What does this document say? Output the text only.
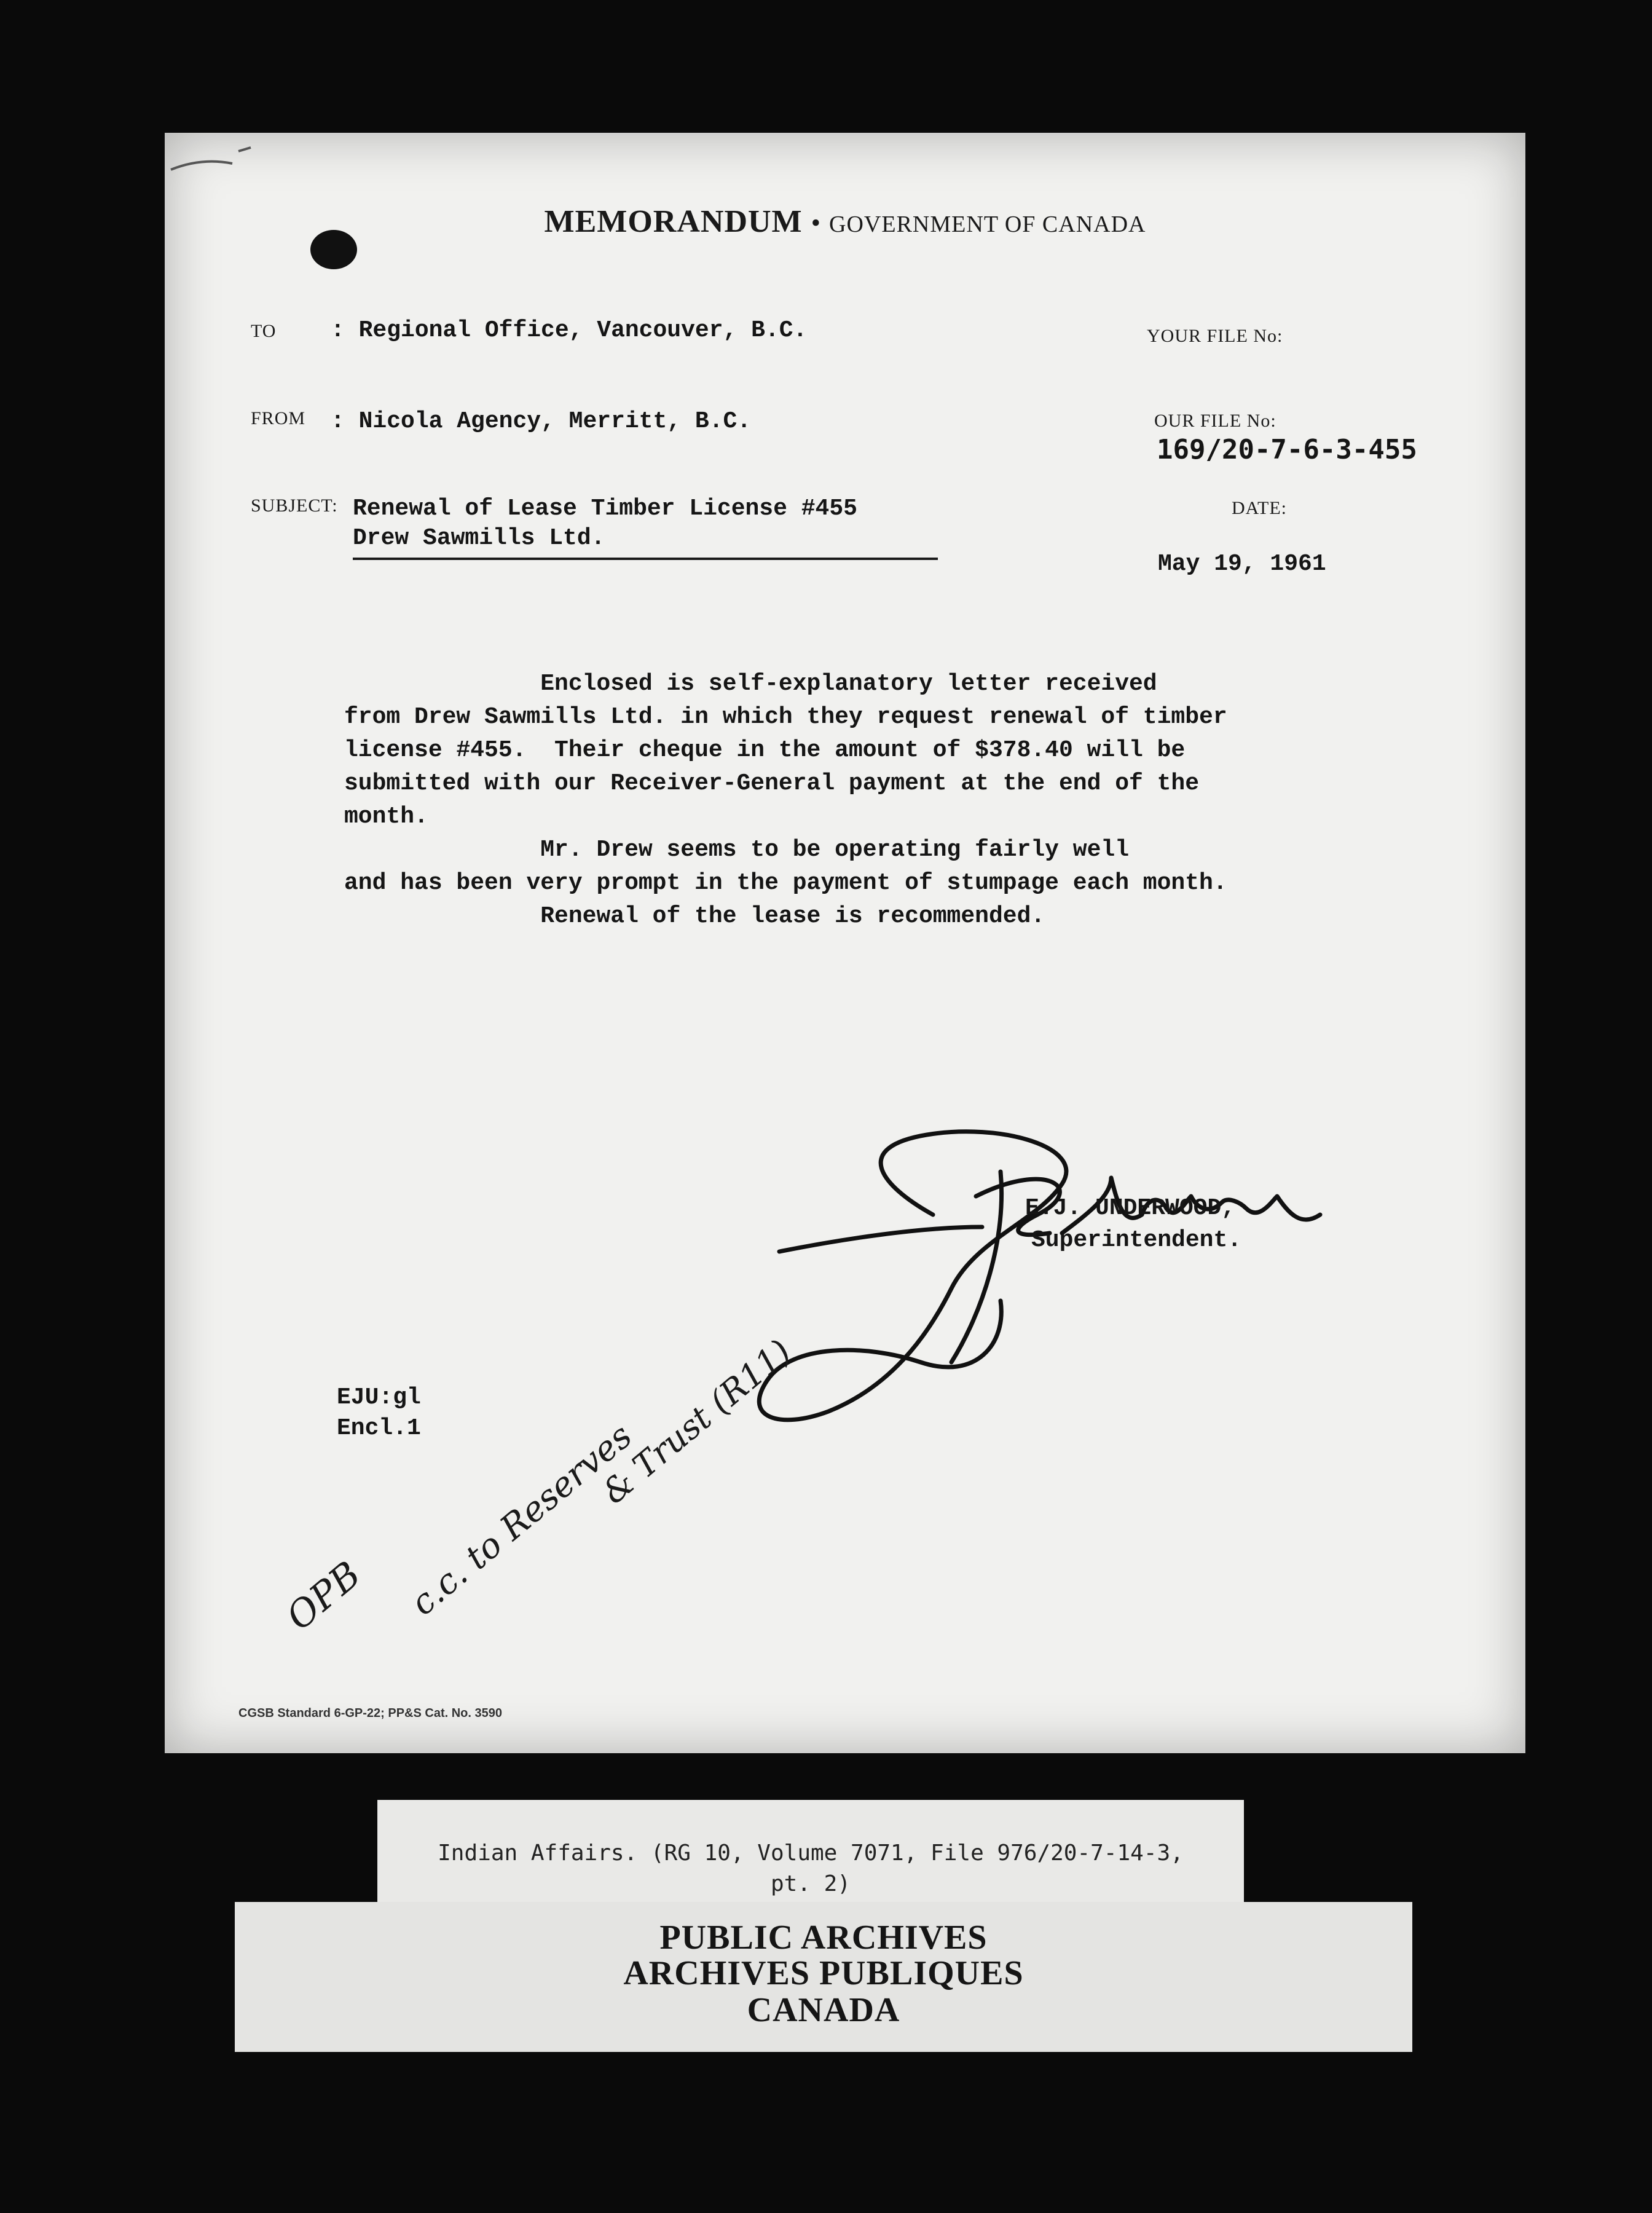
MEMORANDUM • GOVERNMENT OF CANADA
TO : Regional Office, Vancouver, B.C.	YOUR FILE No:
FROM : Nicola Agency, Merritt, B.C.	OUR FILE No:
169/20-7-6-3-455
SUBJECT: Renewal of Lease Timber License #455
Drew Sawmills Ltd.
DATE:
May 19, 1961

Enclosed is self-explanatory letter received

from Drew Sawmills Ltd. in which they request renewal of timber

license #455.  Their cheque in the amount of $378.40 will be

submitted with our Receiver-General payment at the end of the

month.

Mr. Drew seems to be operating fairly well

and has been very prompt in the payment of stumpage each month.

Renewal of the lease is recommended.

E.J. UNDERWOOD,
Superintendent.
EJU:gl
Encl.1
OPB c.c. to Reserves
& Trust (R11)
CGSB Standard 6-GP-22; PP&S Cat. No. 3590
Indian Affairs. (RG 10, Volume 7071, File 976/20-7-14-3,
pt. 2)
PUBLIC ARCHIVES
ARCHIVES PUBLIQUES
CANADA
